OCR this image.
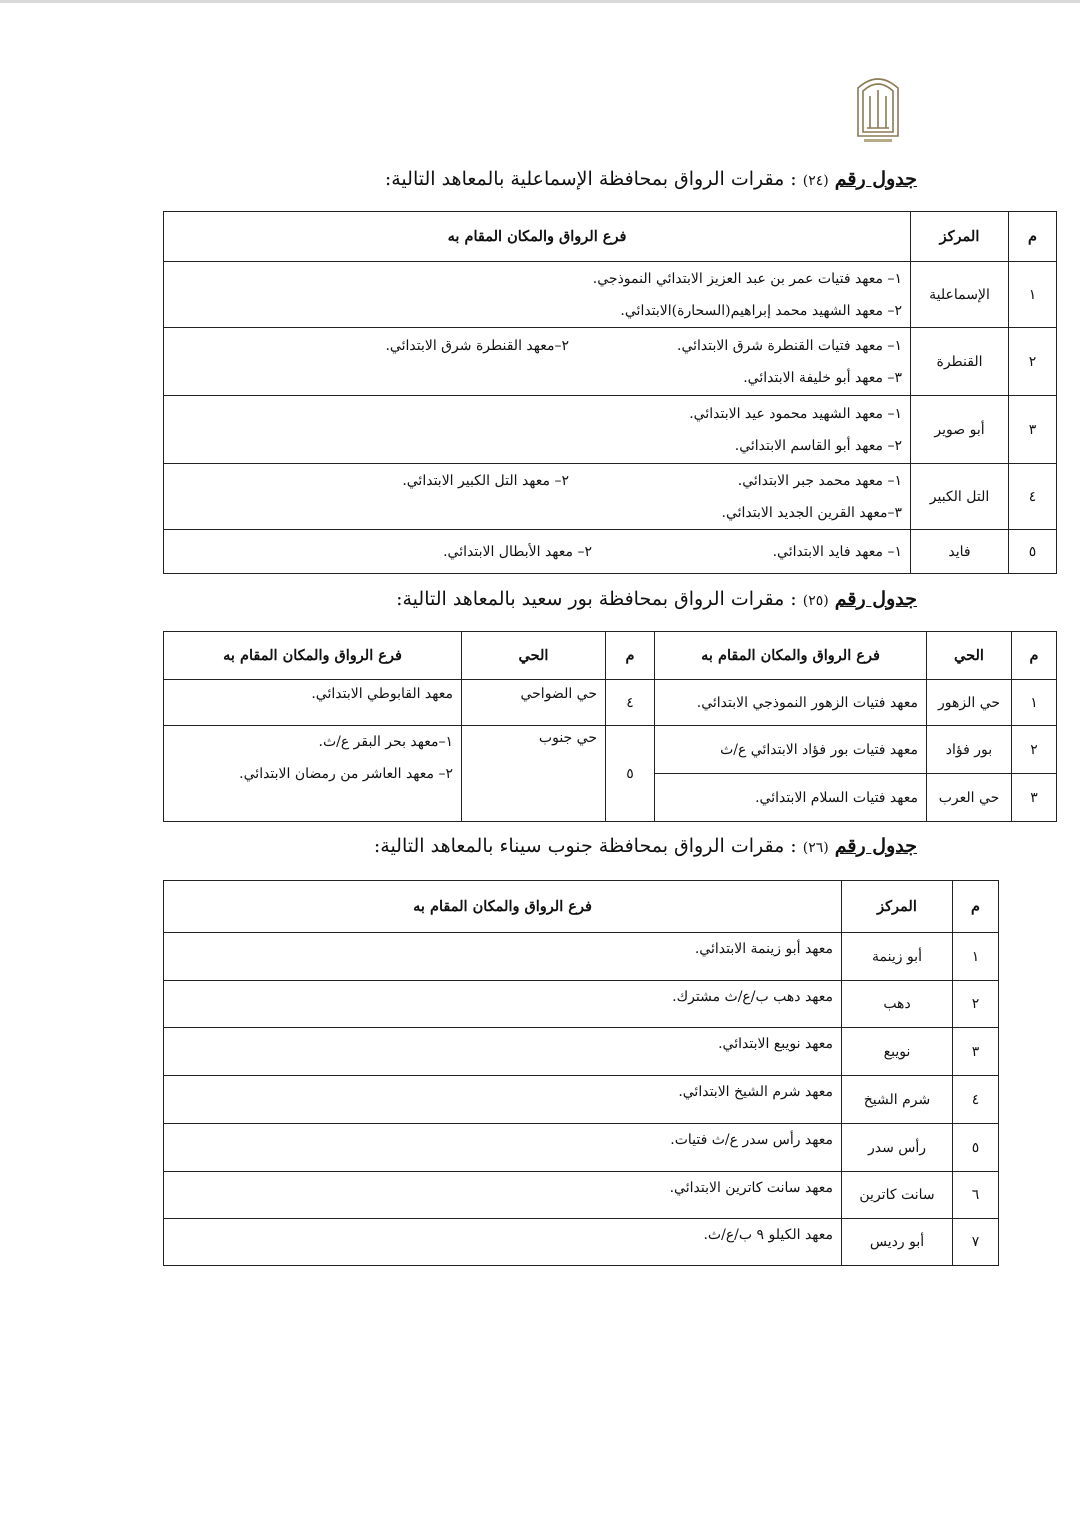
جدول رقم (٢٤) : مقرات الرواق بمحافظة الإسماعلية بالمعاهد التالية:
م	المركز	فرع الرواق والمكان المقام به
١	الإسماعلية	١– معهد فتيات عمر بن عبد العزيز الابتدائي النموذجي.
٢– معهد الشهيد محمد إبراهيم(السحارة)الابتدائي.

٢	القنطرة	١– معهد فتيات القنطرة شرق الابتدائي.
٢–معهد القنطرة شرق الابتدائي.
٣– معهد أبو خليفة الابتدائي.

٣	أبو صوير	١– معهد الشهيد محمود عيد الابتدائي.
٢– معهد أبو القاسم الابتدائي.

٤	التل الكبير	١– معهد محمد جبر الابتدائي.
٢– معهد التل الكبير الابتدائي.
٣–معهد القرين الجديد الابتدائي.

٥	فايد	١– معهد فايد الابتدائي.
٢– معهد الأبطال الابتدائي.
جدول رقم (٢٥) : مقرات الرواق بمحافظة بور سعيد بالمعاهد التالية:
م	الحي	فرع الرواق والمكان المقام به	م	الحي	فرع الرواق والمكان المقام به
١	حي الزهور	معهد فتيات الزهور النموذجي الابتدائي.	٤	حي الضواحي	معهد القابوطي الابتدائي.
٢	بور فؤاد	معهد فتيات بور فؤاد الابتدائي ع/ث	٥	حي جنوب	١–معهد بحر البقر ع/ث.
٢– معهد العاشر من رمضان الابتدائي.

٣	حي العرب	معهد فتيات السلام الابتدائي.			
جدول رقم (٢٦) : مقرات الرواق بمحافظة جنوب سيناء بالمعاهد التالية:
م	المركز	فرع الرواق والمكان المقام به
١	أبو زينمة	معهد أبو زينمة الابتدائي.
٢	دهب	معهد دهب ب/ع/ث مشترك.
٣	نويبع	معهد نويبع الابتدائي.
٤	شرم الشيخ	معهد شرم الشيخ الابتدائي.
٥	رأس سدر	معهد رأس سدر ع/ث فتيات.
٦	سانت كاترين	معهد سانت كاترين الابتدائي.
٧	أبو رديس	معهد الكيلو ٩ ب/ع/ث.
